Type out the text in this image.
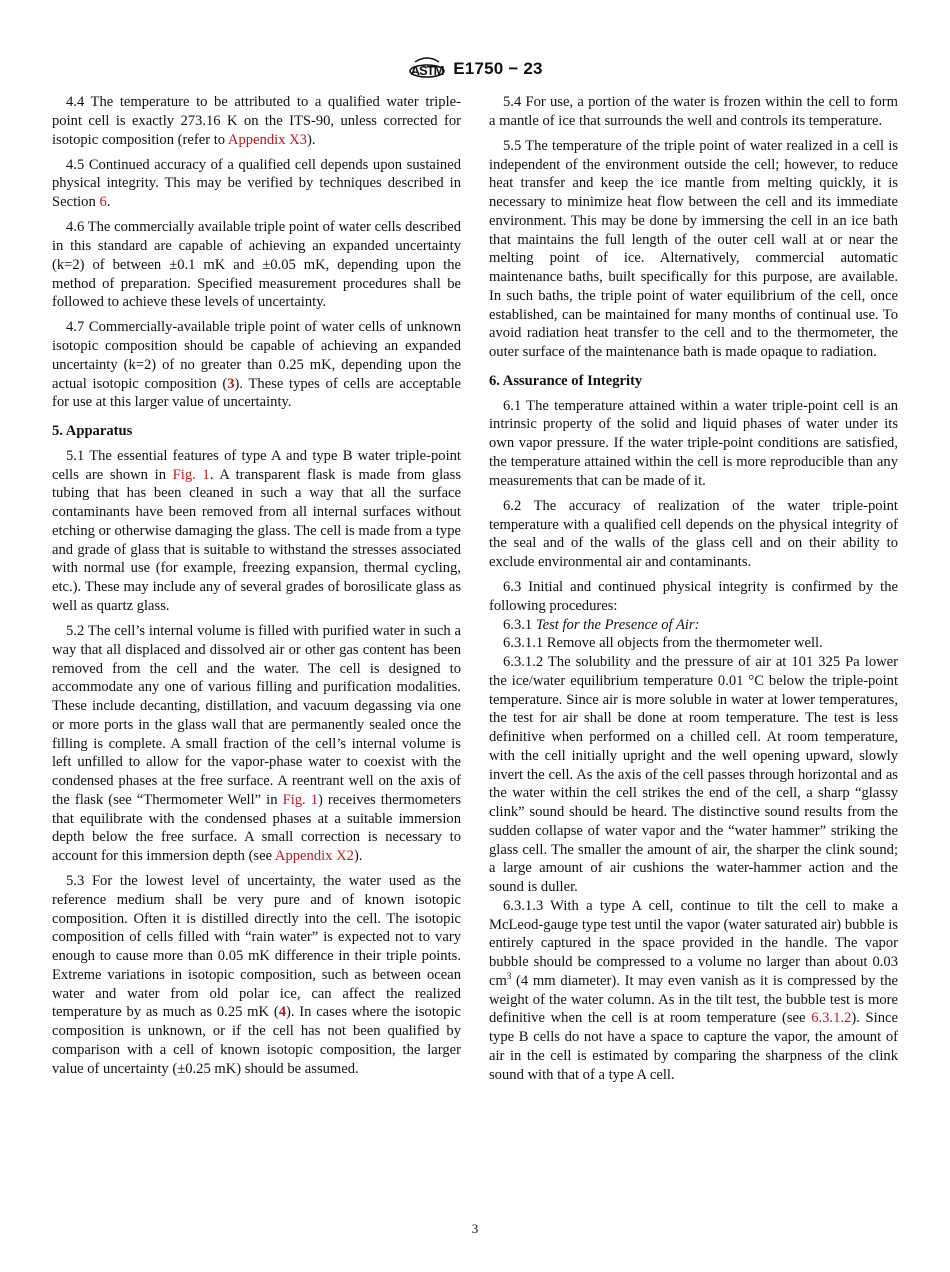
ASTM E1750 − 23

4.4 The temperature to be attributed to a qualified water triple-point cell is exactly 273.16 K on the ITS-90, unless corrected for isotopic composition (refer to Appendix X3).

4.5 Continued accuracy of a qualified cell depends upon sustained physical integrity. This may be verified by techniques described in Section 6.

4.6 The commercially available triple point of water cells described in this standard are capable of achieving an expanded uncertainty (k=2) of between ±0.1 mK and ±0.05 mK, depending upon the method of preparation. Specified measurement procedures shall be followed to achieve these levels of uncertainty.

4.7 Commercially-available triple point of water cells of unknown isotopic composition should be capable of achieving an expanded uncertainty (k=2) of no greater than 0.25 mK, depending upon the actual isotopic composition (3). These types of cells are acceptable for use at this larger value of uncertainty.

5. Apparatus

5.1 The essential features of type A and type B water triple-point cells are shown in Fig. 1. A transparent flask is made from glass tubing that has been cleaned in such a way that all the surface contaminants have been removed from all internal surfaces without etching or otherwise damaging the glass. The cell is made from a type and grade of glass that is suitable to withstand the stresses associated with normal use (for example, freezing expansion, thermal cycling, etc.). These may include any of several grades of borosilicate glass as well as quartz glass.

5.2 The cell’s internal volume is filled with purified water in such a way that all displaced and dissolved air or other gas content has been removed from the cell and the water. The cell is designed to accommodate any one of various filling and purification modalities. These include decanting, distillation, and vacuum degassing via one or more ports in the glass wall that are permanently sealed once the filling is complete. A small fraction of the cell’s internal volume is left unfilled to allow for the vapor-phase water to coexist with the condensed phases at the free surface. A reentrant well on the axis of the flask (see “Thermometer Well” in Fig. 1) receives thermometers that equilibrate with the condensed phases at a suitable immersion depth below the free surface. A small correction is necessary to account for this immersion depth (see Appendix X2).

5.3 For the lowest level of uncertainty, the water used as the reference medium shall be very pure and of known isotopic composition. Often it is distilled directly into the cell. The isotopic composition of cells filled with “rain water” is expected not to vary enough to cause more than 0.05 mK difference in their triple points. Extreme variations in isotopic composition, such as between ocean water and water from old polar ice, can affect the realized temperature by as much as 0.25 mK (4). In cases where the isotopic composition is unknown, or if the cell has not been qualified by comparison with a cell of known isotopic composition, the larger value of uncertainty (±0.25 mK) should be assumed.

5.4 For use, a portion of the water is frozen within the cell to form a mantle of ice that surrounds the well and controls its temperature.

5.5 The temperature of the triple point of water realized in a cell is independent of the environment outside the cell; however, to reduce heat transfer and keep the ice mantle from melting quickly, it is necessary to minimize heat flow between the cell and its immediate environment. This may be done by immersing the cell in an ice bath that maintains the full length of the outer cell wall at or near the melting point of ice. Alternatively, commercial automatic maintenance baths, built specifically for this purpose, are available. In such baths, the triple point of water equilibrium of the cell, once established, can be maintained for many months of continual use. To avoid radiation heat transfer to the cell and to the thermometer, the outer surface of the maintenance bath is made opaque to radiation.

6. Assurance of Integrity

6.1 The temperature attained within a water triple-point cell is an intrinsic property of the solid and liquid phases of water under its own vapor pressure. If the water triple-point conditions are satisfied, the temperature attained within the cell is more reproducible than any measurements that can be made of it.

6.2 The accuracy of realization of the water triple-point temperature with a qualified cell depends on the physical integrity of the seal and of the walls of the glass cell and on their ability to exclude environmental air and contaminants.

6.3 Initial and continued physical integrity is confirmed by the following procedures:

6.3.1 Test for the Presence of Air:

6.3.1.1 Remove all objects from the thermometer well.

6.3.1.2 The solubility and the pressure of air at 101 325 Pa lower the ice/water equilibrium temperature 0.01 °C below the triple-point temperature. Since air is more soluble in water at lower temperatures, the test for air shall be done at room temperature. The test is less definitive when performed on a chilled cell. At room temperature, with the cell initially upright and the well opening upward, slowly invert the cell. As the axis of the cell passes through horizontal and as the water within the cell strikes the end of the cell, a sharp “glassy clink” sound should be heard. The distinctive sound results from the sudden collapse of water vapor and the “water hammer” striking the glass cell. The smaller the amount of air, the sharper the clink sound; a large amount of air cushions the water-hammer action and the sound is duller.

6.3.1.3 With a type A cell, continue to tilt the cell to make a McLeod-gauge type test until the vapor (water saturated air) bubble is entirely captured in the space provided in the handle. The vapor bubble should be compressed to a volume no larger than about 0.03 $cm^3$ (4 mm diameter). It may even vanish as it is compressed by the weight of the water column. As in the tilt test, the bubble test is more definitive when the cell is at room temperature (see 6.3.1.2). Since type B cells do not have a space to capture the vapor, the amount of air in the cell is estimated by comparing the sharpness of the clink sound with that of a type A cell.

3
